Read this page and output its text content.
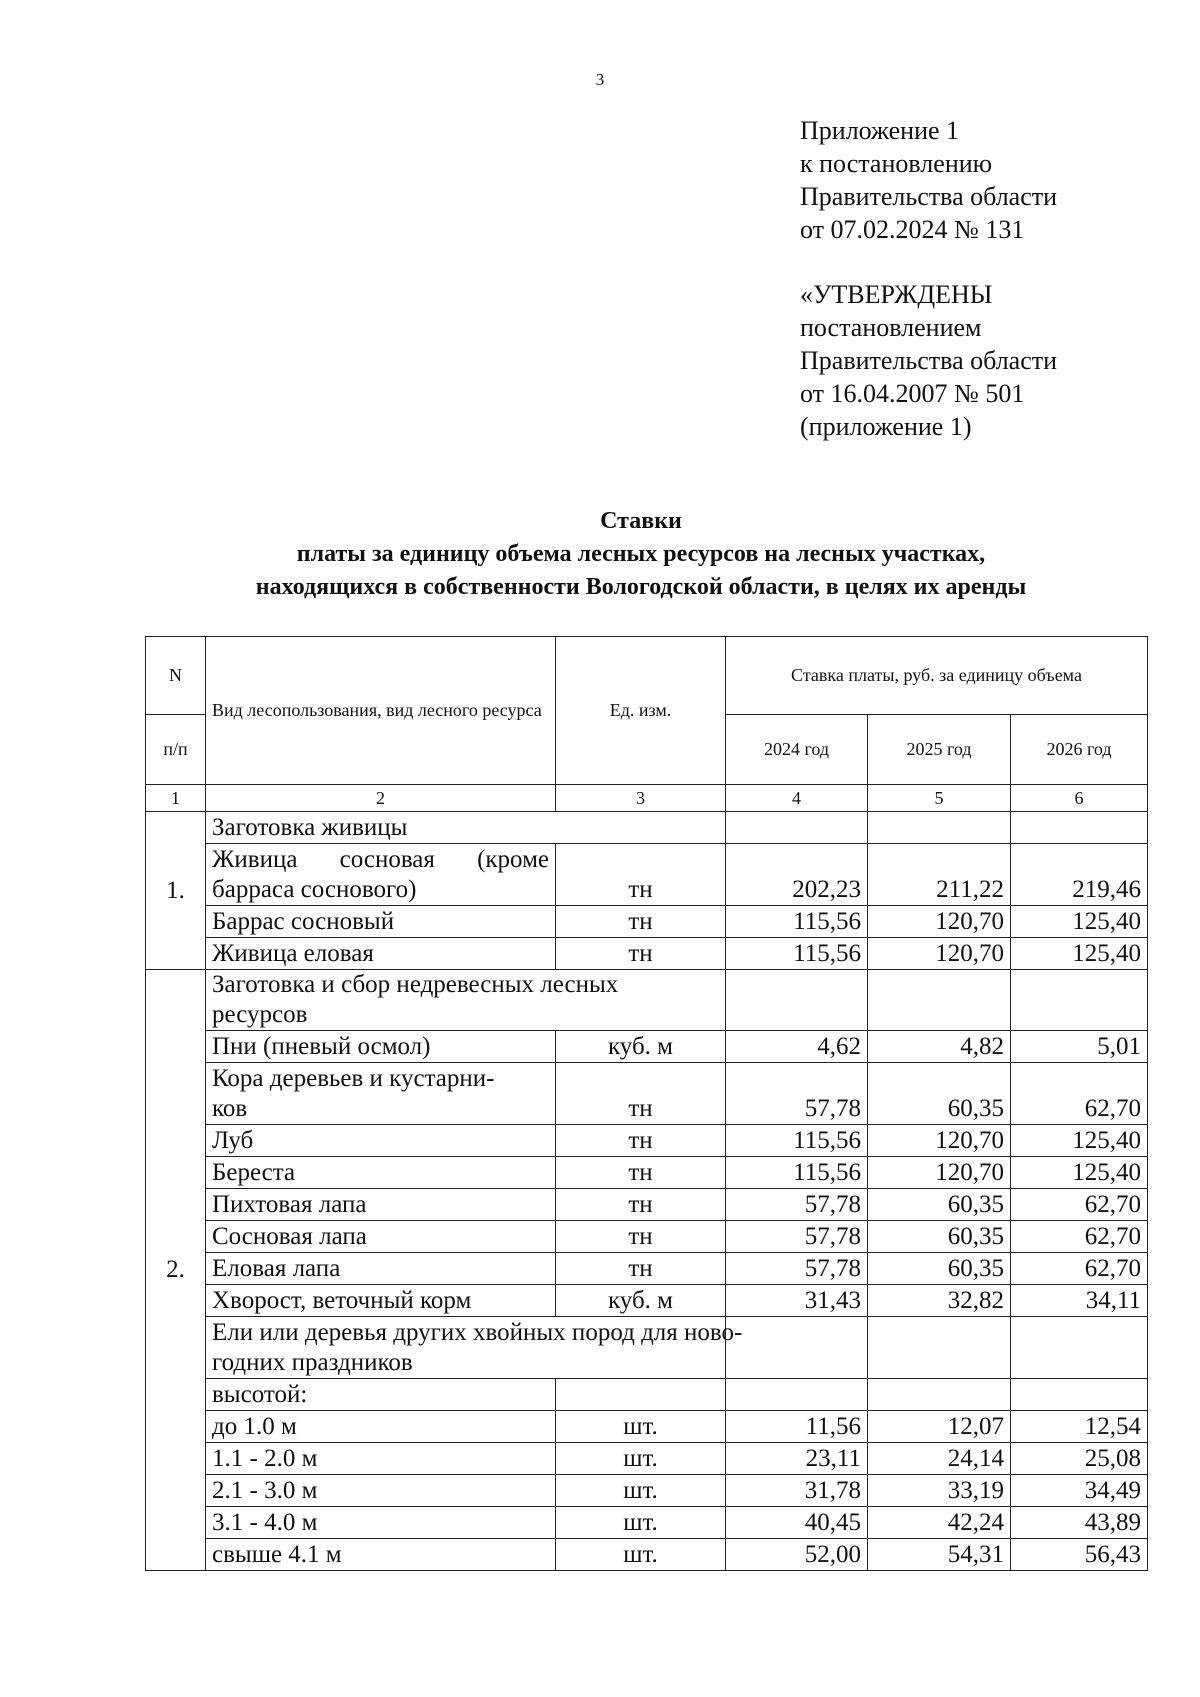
3
Приложение 1
к постановлению
Правительства области
от 07.02.2024 № 131
«УТВЕРЖДЕНЫ
постановлением
Правительства области
от 16.04.2007 № 501
(приложение 1)
Ставки
платы за единицу объема лесных ресурсов на лесных участках,
находящихся в собственности Вологодской области, в целях их аренды
N	Вид лесопользования, вид лесного ресурса	Ед. изм.	Ставка платы, руб. за единицу объема		
п/п			2024 год	2025 год	2026 год
1	2	3	4	5	6
1.	Заготовка живицы				

	Живица сосновая (кроме
барраса соснового)	тн	202,23	211,22	219,46
	Баррас сосновый	тн	115,56	120,70	125,40
	Живица еловая	тн	115,56	120,70	125,40
2.	Заготовка и сбор недревесных лесных ресурсов				
	Пни (пневый осмол)	куб. м	4,62	4,82	5,01

	Кора деревьев и кустарни-
ков	тн	57,78	60,35	62,70
	Луб	тн	115,56	120,70	125,40
	Береста	тн	115,56	120,70	125,40
	Пихтовая лапа	тн	57,78	60,35	62,70
	Сосновая лапа	тн	57,78	60,35	62,70
	Еловая лапа	тн	57,78	60,35	62,70
	Хворост, веточный корм	куб. м	31,43	32,82	34,11

	Ели или деревья других хвойных пород для ново-
годних праздников				

	высотой:				
	до 1.0 м	шт.	11,56	12,07	12,54
	1.1 - 2.0 м	шт.	23,11	24,14	25,08
	2.1 - 3.0 м	шт.	31,78	33,19	34,49
	3.1 - 4.0 м	шт.	40,45	42,24	43,89
	свыше 4.1 м	шт.	52,00	54,31	56,43
